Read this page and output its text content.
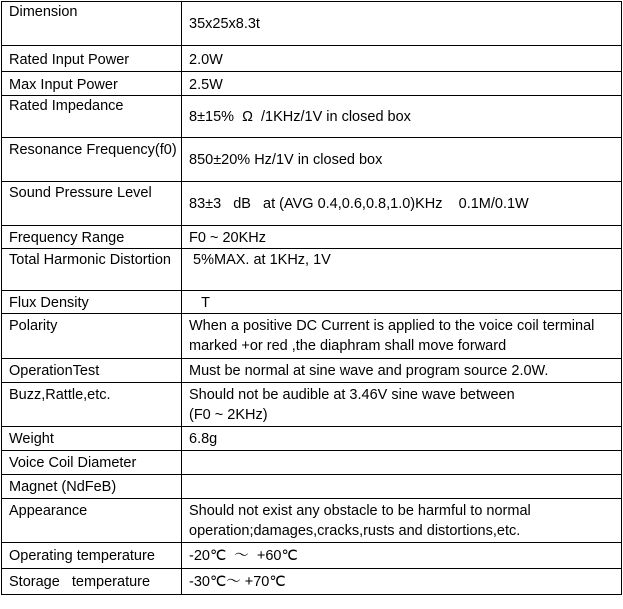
Dimension	35x25x8.3t
Rated Input Power	2.0W
Max Input Power	2.5W
Rated Impedance	8±15%  Ω  /1KHz/1V in closed box
Resonance Frequency(f0)	850±20% Hz/1V in closed box
Sound Pressure Level	83±3   dB   at (AVG 0.4,0.6,0.8,1.0)KHz    0.1M/0.1W
Frequency Range	F0 ~ 20KHz
Total Harmonic Distortion	5%MAX. at 1KHz, 1V
Flux Density	T
Polarity	When a positive DC Current is applied to the voice coil terminal marked +or red ,the diaphram shall move forward
OperationTest	Must be normal at sine wave and program source 2.0W.
Buzz,Rattle,etc.	Should not be audible at 3.46V sine wave between
(F0 ~ 2KHz)
Weight	6.8g
Voice Coil Diameter	
Magnet (NdFeB)	
Appearance	Should not exist any obstacle to be harmful to normal operation;damages,cracks,rusts and distortions,etc.
Operating temperature	-20℃  ～  +60℃
Storage   temperature	-30℃～ +70℃
